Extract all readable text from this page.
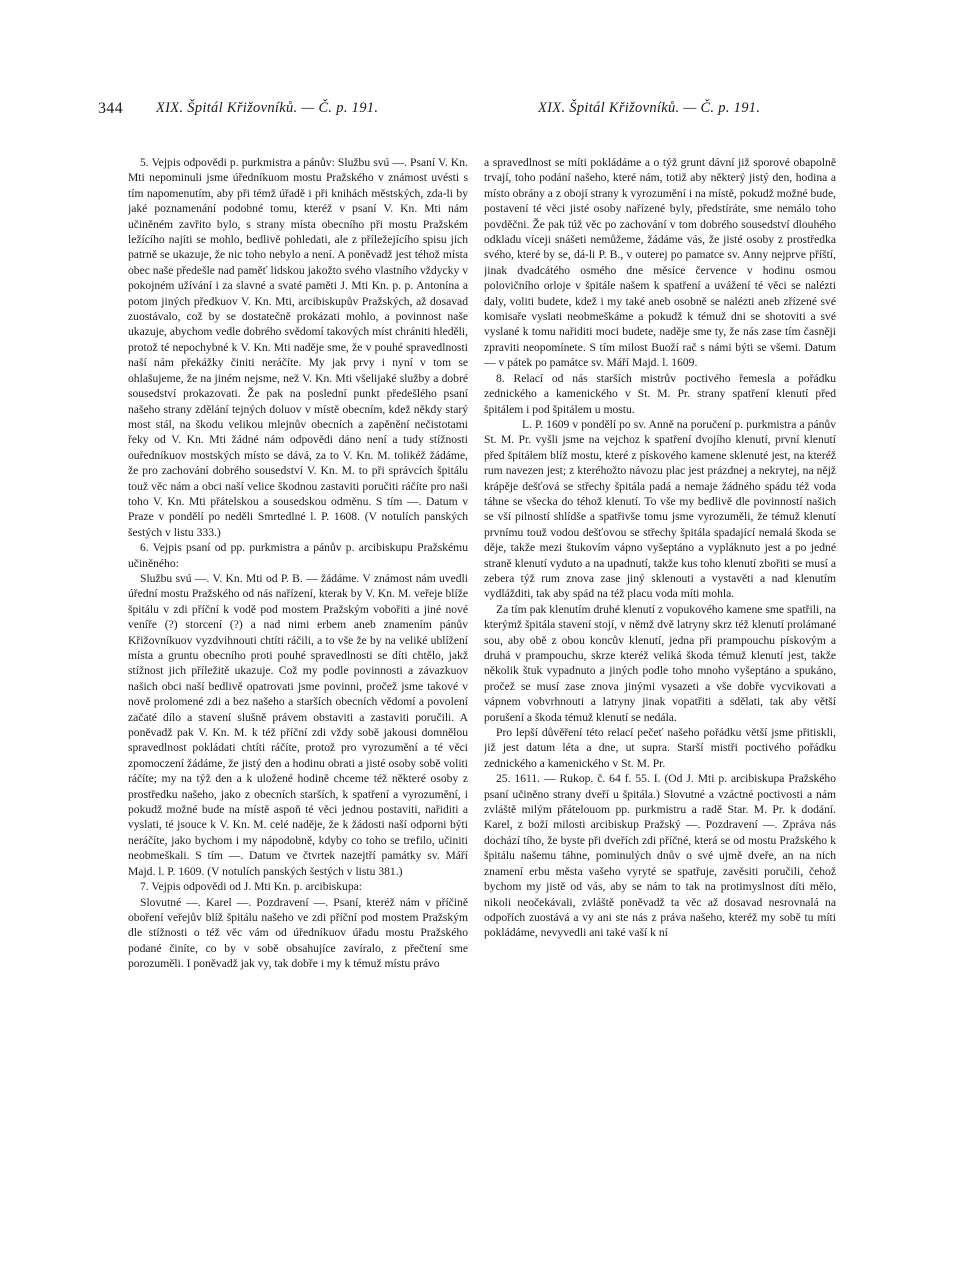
344 XIX. Špitál Křižovníků. — Č. p. 191.	XIX. Špitál Křižovníků. — Č. p. 191.

5. Vejpis odpovědi p. purkmistra a pánův: Službu svú —. Psaní V. Kn. Mti nepominuli jsme úředníkuom mostu Pražského v známost uvésti s tím napomenutím, aby při témž úřadě i při knihách městských, zda-li by jaké poznamenání podobné tomu, kteréž v psaní V. Kn. Mti nám učiněném zavřito bylo, s strany místa obecního při mostu Pražském ležícího najíti se mohlo, bedlivě pohledati, ale z příležejícího spisu jich patrně se ukazuje, že nic toho nebylo a není. A poněvadž jest téhož místa obec naše předešle nad paměť lidskou jakožto svého vlastního vždycky v pokojném užívání i za slavné a svaté paměti J. Mti Kn. p. p. Antonína a potom jiných předkuov V. Kn. Mti, arcibiskupův Pražských, až dosavad zuostávalo, což by se dostatečně prokázati mohlo, a povinnost naše ukazuje, abychom vedle dobrého svědomí takových míst chrániti hleděli, protož té nepochybné k V. Kn. Mti naděje sme, že v pouhé spravedlnosti naší nám překážky činiti neráčíte. My jak prvy i nyní v tom se ohlašujeme, že na jiném nejsme, než V. Kn. Mti všelijaké služby a dobré sousedství prokazovati. Že pak na poslední punkt předešlého psaní našeho strany zdělání tejných doluov v místě obecním, kdež někdy starý most stál, na škodu velikou mlejnův obecních a zapěnění nečistotami řeky od V. Kn. Mti žádné nám odpovědi dáno není a tudy stížnosti ouředníkuov mostských místo se dává, za to V. Kn. M. tolikéž žádáme, že pro zachování dobrého sousedství V. Kn. M. to při správcích špitálu touž věc nám a obci naší velice škodnou zastaviti poručiti ráčíte pro naši toho V. Kn. Mti přátelskou a sousedskou odměnu. S tím —. Datum v Praze v pondělí po neděli Smrtedlné l. P. 1608. (V notulích panských šestých v listu 333.)

6. Vejpis psaní od pp. purkmistra a pánův p. arcibiskupu Pražskému učiněného:

Službu svú —. V. Kn. Mti od P. B. — žádáme. V známost nám uvedli úřední mostu Pražského od nás nařízení, kterak by V. Kn. M. veřeje blíže špitálu v zdi příční k vodě pod mostem Pražským vobořiti a jiné nové veníře (?) storcení (?) a nad nimi erbem aneb znamením pánův Křižovníkuov vyzdvihnouti chtíti ráčili, a to vše že by na veliké ublížení místa a gruntu obecního proti pouhé spravedlnosti se díti chtělo, jakž stížnost jich příležitě ukazuje. Což my podle povinnosti a závazkuov našich obci naší bedlivě opatrovati jsme povinni, pročež jsme takové v nově prolomené zdi a bez našeho a starších obecních vědomí a povolení začaté dílo a stavení slušně právem obstaviti a zastaviti poručili. A poněvadž pak V. Kn. M. k též příční zdi vždy sobě jakousi domnělou spravedlnost pokládati chtíti ráčíte, protož pro vyrozumění a té věci zpomoczení žádáme, že jistý den a hodinu obrati a jisté osoby sobě voliti ráčíte; my na týž den a k uložené hodině chceme též některé osoby z prostředku našeho, jako z obecních starších, k spatření a vyrozumění, i pokudž možné bude na místě aspoň té věci jednou postaviti, nařiditi a vyslati, té jsouce k V. Kn. M. celé naděje, že k žádosti naší odporni býti neráčíte, jako bychom i my nápodobně, kdyby co toho se trefilo, učiniti neobmeškali. S tím —. Datum ve čtvrtek nazejtří památky sv. Máří Majd. l. P. 1609. (V notulích panských šestých v listu 381.)

7. Vejpis odpovědi od J. Mti Kn. p. arcibiskupa:

Slovutné —. Karel —. Pozdravení —. Psaní, kteréž nám v příčině oboření veřejův blíž špitálu našeho ve zdi příční pod mostem Pražským dle stížnosti o též věc vám od úředníkuov úřadu mostu Pražského podané činíte, co by v sobě obsahujíce zavíralo, z přečtení sme porozuměli. I poněvadž jak vy, tak dobře i my k témuž místu právo

a spravedlnost se míti pokládáme a o týž grunt dávní již sporové obapolně trvají, toho podání našeho, které nám, totiž aby některý jistý den, hodina a místo obrány a z obojí strany k vyrozumění i na místě, pokudž možné bude, postavení té věci jisté osoby nařízené byly, předstíráte, sme nemálo toho povděčni. Že pak túž věc po zachování v tom dobrého sousedství dlouhého odkladu víceji snášeti nemůžeme, žádáme vás, že jisté osoby z prostředka svého, které by se, dá-li P. B., v outerej po pamatce sv. Anny nejprve příští, jinak dvadcátého osmého dne měsíce července v hodinu osmou polovičního orloje v špitále našem k spatření a uvážení té věci se nalézti daly, voliti budete, kdež i my také aneb osobně se nalézti aneb zřízené své komisaře vyslati neobmeškáme a pokudž k témuž dni se shotoviti a své vyslané k tomu nařiditi moci budete, naděje sme ty, že nás zase tím časněji zpraviti neopomínete. S tím milost Buoží rač s námi býti se všemi. Datum — v pátek po památce sv. Máří Majd. l. 1609.

8. Relací od nás starších mistrův poctivého řemesla a pořádku zednického a kamenického v St. M. Pr. strany spatření klenutí před špitálem i pod špitálem u mostu.

L. P. 1609 v pondělí po sv. Anně na poručení p. purkmistra a pánův St. M. Pr. vyšli jsme na vejchoz k spatření dvojího klenutí, první klenutí před špitálem blíž mostu, které z pískového kamene sklenuté jest, na kteréž rum navezen jest; z kteréhožto návozu plac jest prázdnej a nekrytej, na nějž krápěje dešťová se střechy špitála padá a nemaje žádného spádu též voda táhne se všecka do téhož klenutí. To vše my bedlivě dle povinností našich se vší pilností shlídše a spatřivše tomu jsme vyrozuměli, že témuž klenutí prvnímu touž vodou dešťovou se střechy špitála spadající nemalá škoda se děje, takže mezi štukovím vápno vyšeptáno a vypláknuto jest a po jedné straně klenutí vyduto a na upadnutí, takže kus toho klenutí zbořiti se musí a zebera týž rum znova zase jiný sklenouti a vystavěti a nad klenutím vydlážditi, tak aby spád na též placu voda míti mohla.

Za tím pak klenutím druhé klenutí z vopukového kamene sme spatřili, na kterýmž špitála stavení stojí, v němž dvě latryny skrz též klenutí prolámané sou, aby obě z obou koncův klenutí, jedna při prampouchu pískovým a druhá v prampouchu, skrze kteréž veliká škoda témuž klenutí jest, takže několik štuk vypadnuto a jiných podle toho mnoho vyšeptáno a spukáno, pročež se musí zase znova jinými vysazeti a vše dobře vycvikovati a vápnem vobvrhnouti a latryny jinak vopatřiti a sdělati, tak aby větší porušení a škoda témuž klenutí se nedála.

Pro lepší důvěření této relací pečeť našeho pořádku větší jsme přitiskli, již jest datum léta a dne, ut supra. Starší mistři poctivého pořádku zednického a kamenického v St. M. Pr.

25. 1611. — Rukop. č. 64 f. 55. I. (Od J. Mti p. arcibiskupa Pražského psaní učiněno strany dveří u špitála.) Slovutné a vzáctné poctivosti a nám zvláště milým přátelouom pp. purkmistru a radě Star. M. Pr. k dodání. Karel, z boží milosti arcibiskup Pražský —. Pozdravení —. Zpráva nás dochází tího, že byste při dveřích zdi příčné, která se od mostu Pražského k špitálu našemu táhne, pominulých dnův o své ujmě dveře, an na nich znamení erbu města vašeho vyryté se spatřuje, zavěsiti poručili, čehož bychom my jistě od vás, aby se nám to tak na protimyslnost díti mělo, nikoli neočekávali, zvláště poněvadž ta věc až dosavad nesrovnalá na odpořích zuostává a vy ani ste nás z práva našeho, kteréž my sobě tu míti pokládáme, nevyvedli ani také vaší k ní
